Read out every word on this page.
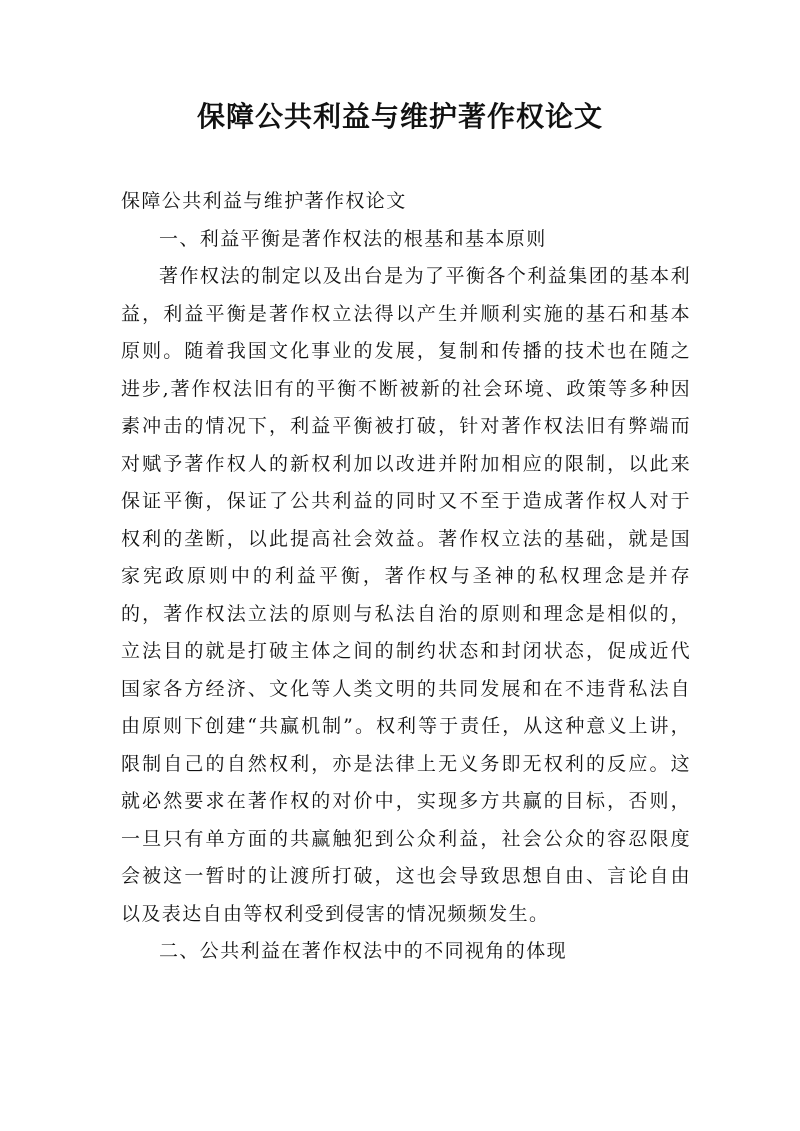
保障公共利益与维护著作权论文

保障公共利益与维护著作权论文

一、利益平衡是著作权法的根基和基本原则

著作权法的制定以及出台是为了平衡各个利益集团的基本利益，利益平衡是著作权立法得以产生并顺利实施的基石和基本原则。随着我国文化事业的发展，复制和传播的技术也在随之进步,著作权法旧有的平衡不断被新的社会环境、政策等多种因素冲击的情况下，利益平衡被打破，针对著作权法旧有弊端而对赋予著作权人的新权利加以改进并附加相应的限制，以此来保证平衡，保证了公共利益的同时又不至于造成著作权人对于权利的垄断，以此提高社会效益。著作权立法的基础，就是国家宪政原则中的利益平衡，著作权与圣神的私权理念是并存的，著作权法立法的原则与私法自治的原则和理念是相似的，立法目的就是打破主体之间的制约状态和封闭状态，促成近代国家各方经济、文化等人类文明的共同发展和在不违背私法自由原则下创建“共赢机制”。权利等于责任，从这种意义上讲，限制自己的自然权利，亦是法律上无义务即无权利的反应。这就必然要求在著作权的对价中，实现多方共赢的目标，否则，一旦只有单方面的共赢触犯到公众利益，社会公众的容忍限度会被这一暂时的让渡所打破，这也会导致思想自由、言论自由以及表达自由等权利受到侵害的情况频频发生。

二、公共利益在著作权法中的不同视角的体现
